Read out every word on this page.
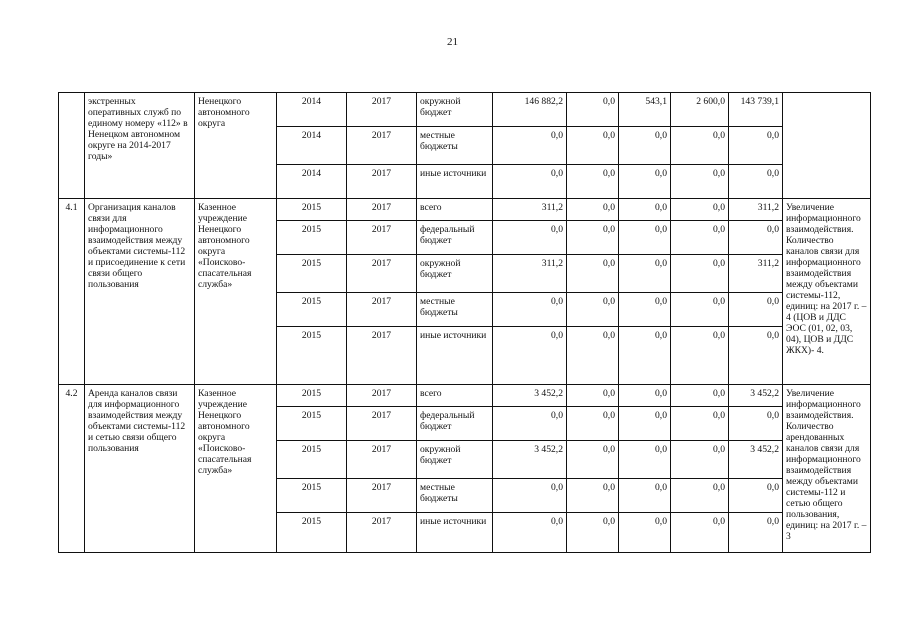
21
	экстренных оперативных служб по единому номеру «112» в Ненецком автономном округе на 2014-2017 годы»	Ненецкого автономного округа	2014	2017	окружной бюджет	146 882,2	0,0	543,1	2 600,0	143 739,1	
			2014	2017	местные бюджеты	0,0	0,0	0,0	0,0	0,0	
			2014	2017	иные источники	0,0	0,0	0,0	0,0	0,0	
4.1	Организация каналов связи для информационного взаимодействия между объектами системы-112 и присоединение к сети связи общего пользования	Казенное учреждение Ненецкого автономного округа «Поисково-спасательная служба»	2015	2017	всего	311,2	0,0	0,0	0,0	311,2	Увеличение информационного взаимодействия. Количество каналов связи для информационного взаимодействия между объектами системы-112, единиц: на 2017 г. – 4 (ЦОВ и ДДС ЭОС (01, 02, 03, 04), ЦОВ и ДДС ЖКХ)- 4.
			2015	2017	федеральный бюджет	0,0	0,0	0,0	0,0	0,0	
			2015	2017	окружной бюджет	311,2	0,0	0,0	0,0	311,2	
			2015	2017	местные бюджеты	0,0	0,0	0,0	0,0	0,0	
			2015	2017	иные источники	0,0	0,0	0,0	0,0	0,0	
4.2	Аренда каналов связи для информационного взаимодействия между объектами системы-112 и сетью связи общего пользования	Казенное учреждение Ненецкого автономного округа «Поисково-спасательная служба»	2015	2017	всего	3 452,2	0,0	0,0	0,0	3 452,2	Увеличение информационного взаимодействия. Количество арендованных каналов связи для информационного взаимодействия между объектами системы-112 и сетью общего пользования, единиц: на 2017 г. – 3
			2015	2017	федеральный бюджет	0,0	0,0	0,0	0,0	0,0	
			2015	2017	окружной бюджет	3 452,2	0,0	0,0	0,0	3 452,2	
			2015	2017	местные бюджеты	0,0	0,0	0,0	0,0	0,0	
			2015	2017	иные источники	0,0	0,0	0,0	0,0	0,0	
